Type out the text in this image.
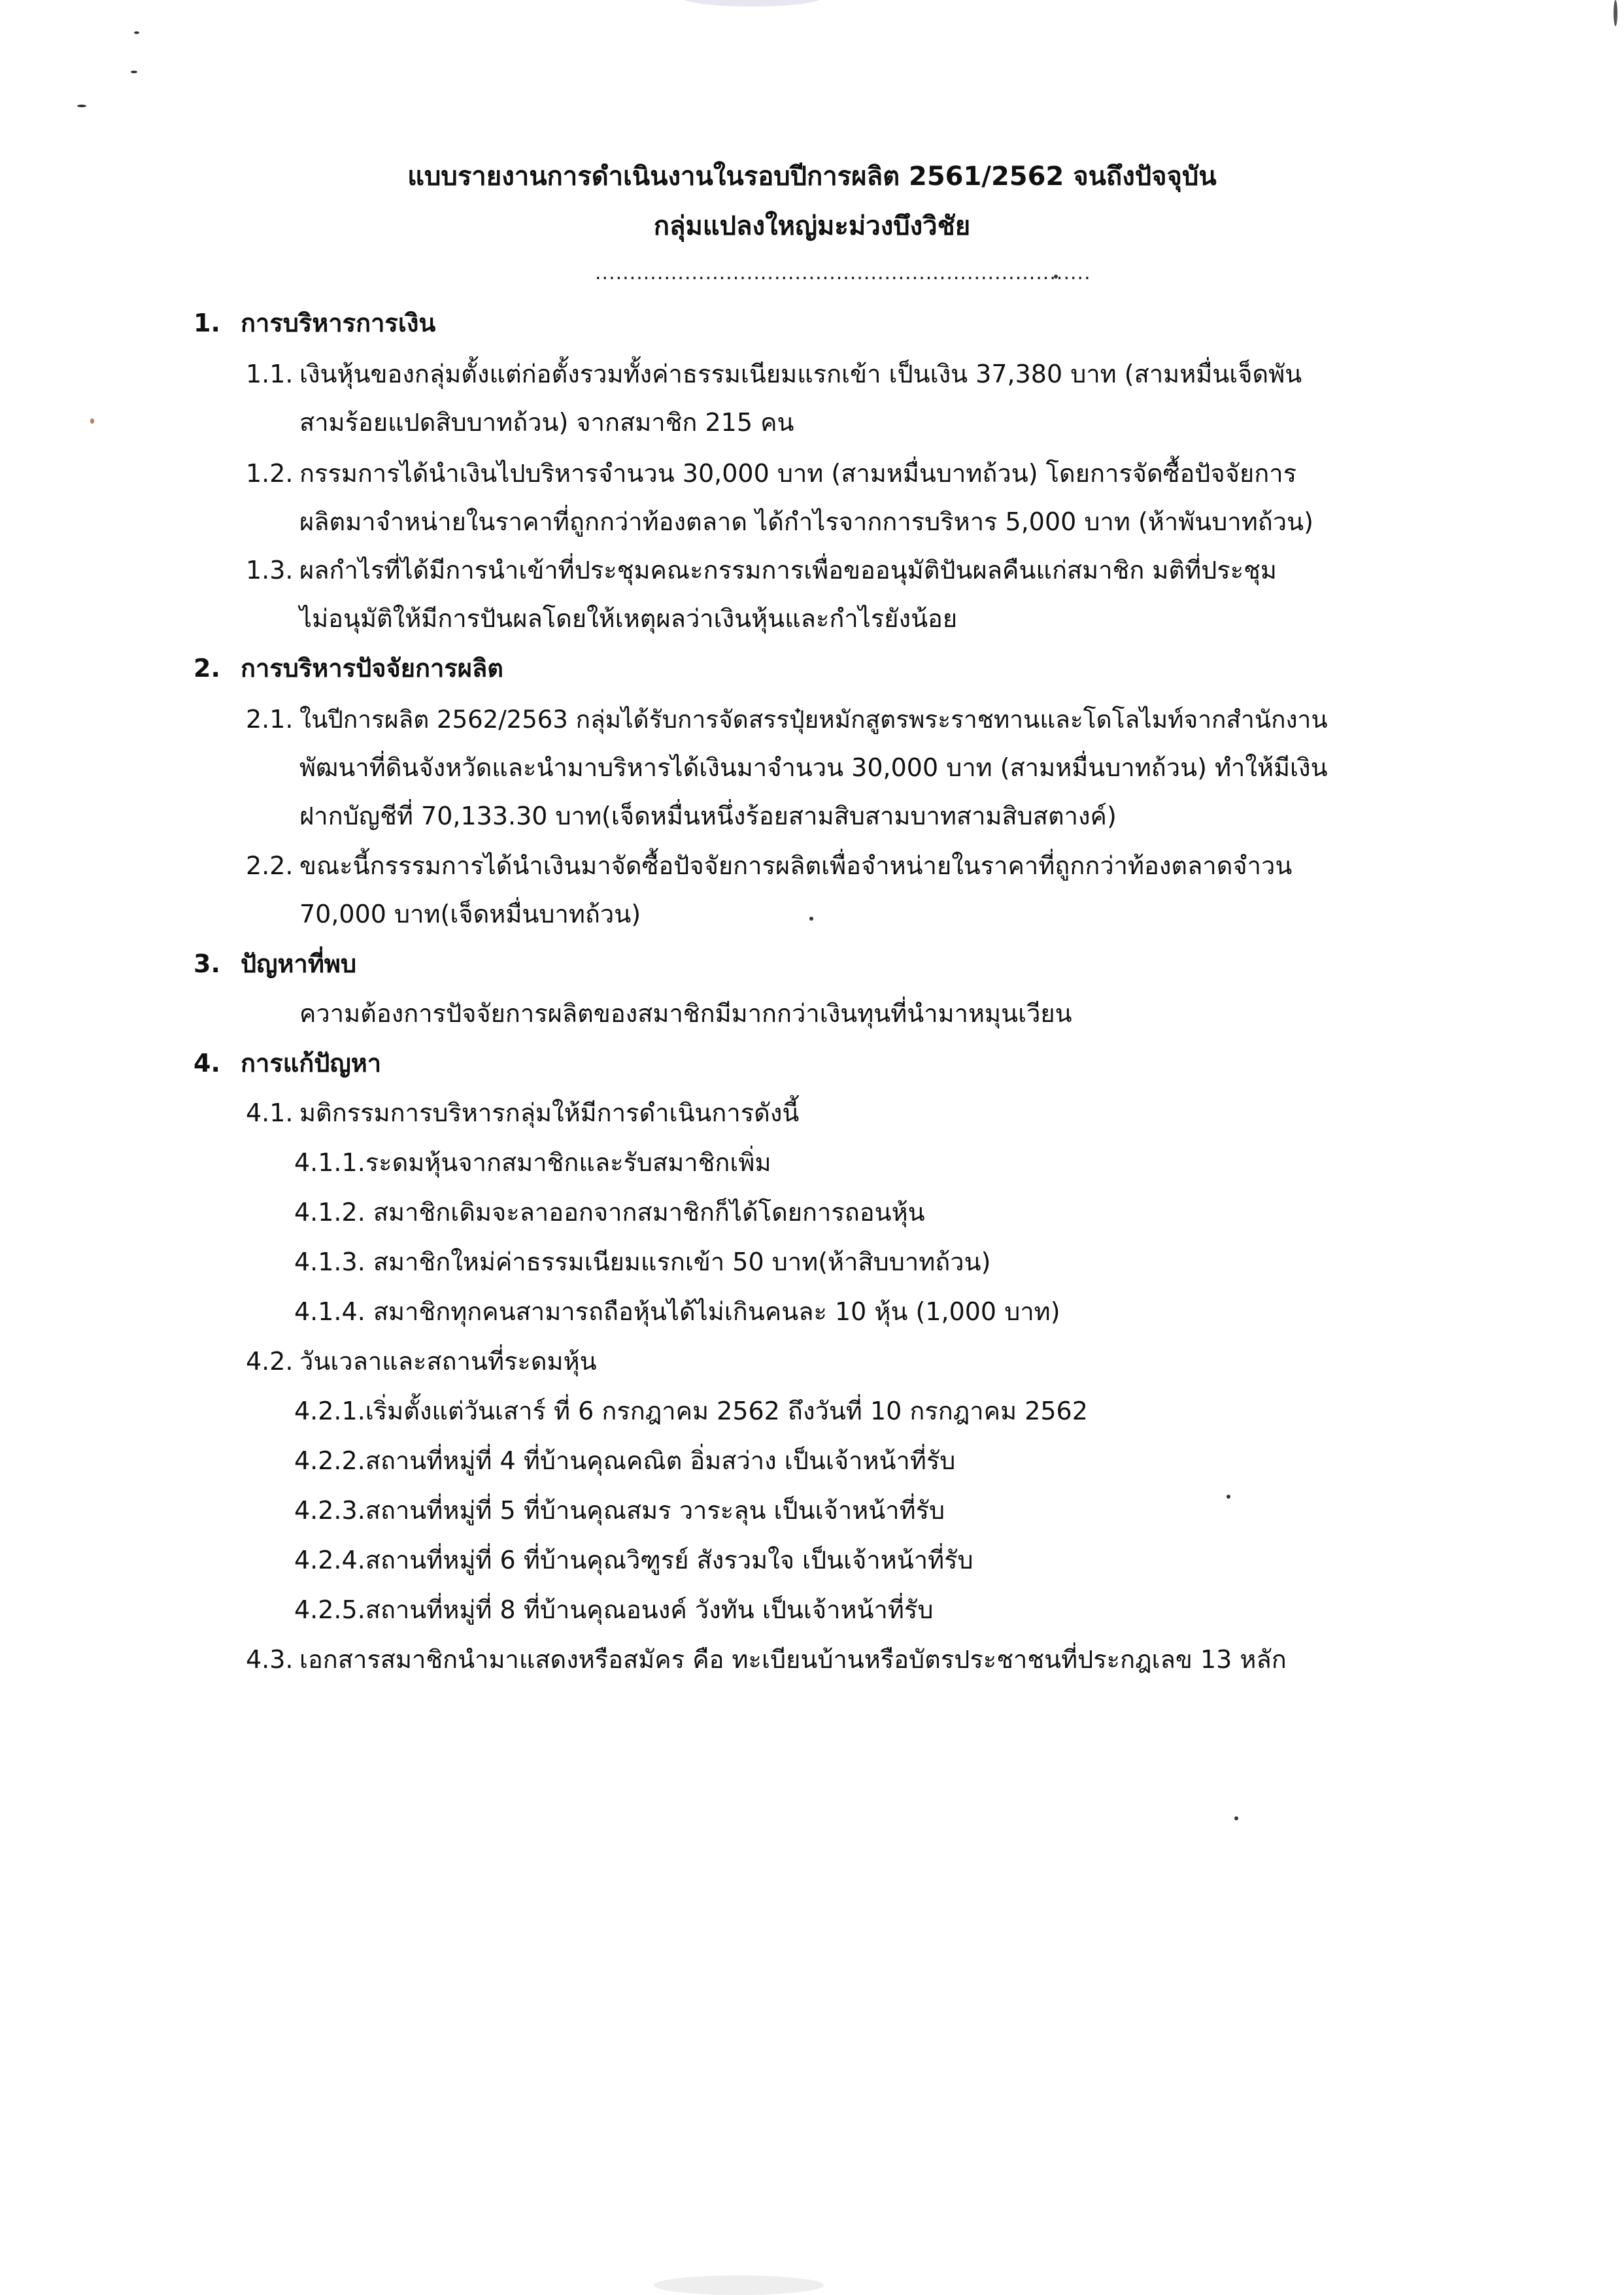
แบบรายงานการดำเนินงานในรอบปีการผลิต 2561/2562 จนถึงปัจจุบัน
กลุ่มแปลงใหญ่มะม่วงบึงวิชัย
........................................................................
1. การบริหารการเงิน
1.1. เงินหุ้นของกลุ่มตั้งแต่ก่อตั้งรวมทั้งค่าธรรมเนียมแรกเข้า เป็นเงิน 37,380 บาท (สามหมื่นเจ็ดพัน
สามร้อยแปดสิบบาทถ้วน) จากสมาชิก 215 คน
1.2. กรรมการได้นำเงินไปบริหารจำนวน 30,000 บาท (สามหมื่นบาทถ้วน) โดยการจัดซื้อปัจจัยการ
ผลิตมาจำหน่ายในราคาที่ถูกกว่าท้องตลาด ได้กำไรจากการบริหาร 5,000 บาท (ห้าพันบาทถ้วน)
1.3. ผลกำไรที่ได้มีการนำเข้าที่ประชุมคณะกรรมการเพื่อขออนุมัติปันผลคืนแก่สมาชิก มติที่ประชุม
ไม่อนุมัติให้มีการปันผลโดยให้เหตุผลว่าเงินหุ้นและกำไรยังน้อย
2. การบริหารปัจจัยการผลิต
2.1. ในปีการผลิต 2562/2563 กลุ่มได้รับการจัดสรรปุ๋ยหมักสูตรพระราชทานและโดโลไมท์จากสำนักงาน
พัฒนาที่ดินจังหวัดและนำมาบริหารได้เงินมาจำนวน 30,000 บาท (สามหมื่นบาทถ้วน) ทำให้มีเงิน
ฝากบัญชีที่ 70,133.30 บาท(เจ็ดหมื่นหนึ่งร้อยสามสิบสามบาทสามสิบสตางค์)
2.2. ขณะนี้กรรรมการได้นำเงินมาจัดซื้อปัจจัยการผลิตเพื่อจำหน่ายในราคาที่ถูกกว่าท้องตลาดจำวน
70,000 บาท(เจ็ดหมื่นบาทถ้วน)
3. ปัญหาที่พบ
ความต้องการปัจจัยการผลิตของสมาชิกมีมากกว่าเงินทุนที่นำมาหมุนเวียน
4. การแก้ปัญหา
4.1. มติกรรมการบริหารกลุ่มให้มีการดำเนินการดังนี้
4.1.1.ระดมหุ้นจากสมาชิกและรับสมาชิกเพิ่ม
4.1.2. สมาชิกเดิมจะลาออกจากสมาชิกก็ได้โดยการถอนหุ้น
4.1.3. สมาชิกใหม่ค่าธรรมเนียมแรกเข้า 50 บาท(ห้าสิบบาทถ้วน)
4.1.4. สมาชิกทุกคนสามารถถือหุ้นได้ไม่เกินคนละ 10 หุ้น (1,000 บาท)
4.2. วันเวลาและสถานที่ระดมหุ้น
4.2.1.เริ่มตั้งแต่วันเสาร์ ที่ 6 กรกฎาคม 2562 ถึงวันที่ 10 กรกฎาคม 2562
4.2.2.สถานที่หมู่ที่ 4 ที่บ้านคุณคณิต อิ่มสว่าง เป็นเจ้าหน้าที่รับ
4.2.3.สถานที่หมู่ที่ 5 ที่บ้านคุณสมร วาระลุน เป็นเจ้าหน้าที่รับ
4.2.4.สถานที่หมู่ที่ 6 ที่บ้านคุณวิฑูรย์ สังรวมใจ เป็นเจ้าหน้าที่รับ
4.2.5.สถานที่หมู่ที่ 8 ที่บ้านคุณอนงค์ วังทัน เป็นเจ้าหน้าที่รับ
4.3. เอกสารสมาชิกนำมาแสดงหรือสมัคร คือ ทะเบียนบ้านหรือบัตรประชาชนที่ประกฎเลข 13 หลัก
